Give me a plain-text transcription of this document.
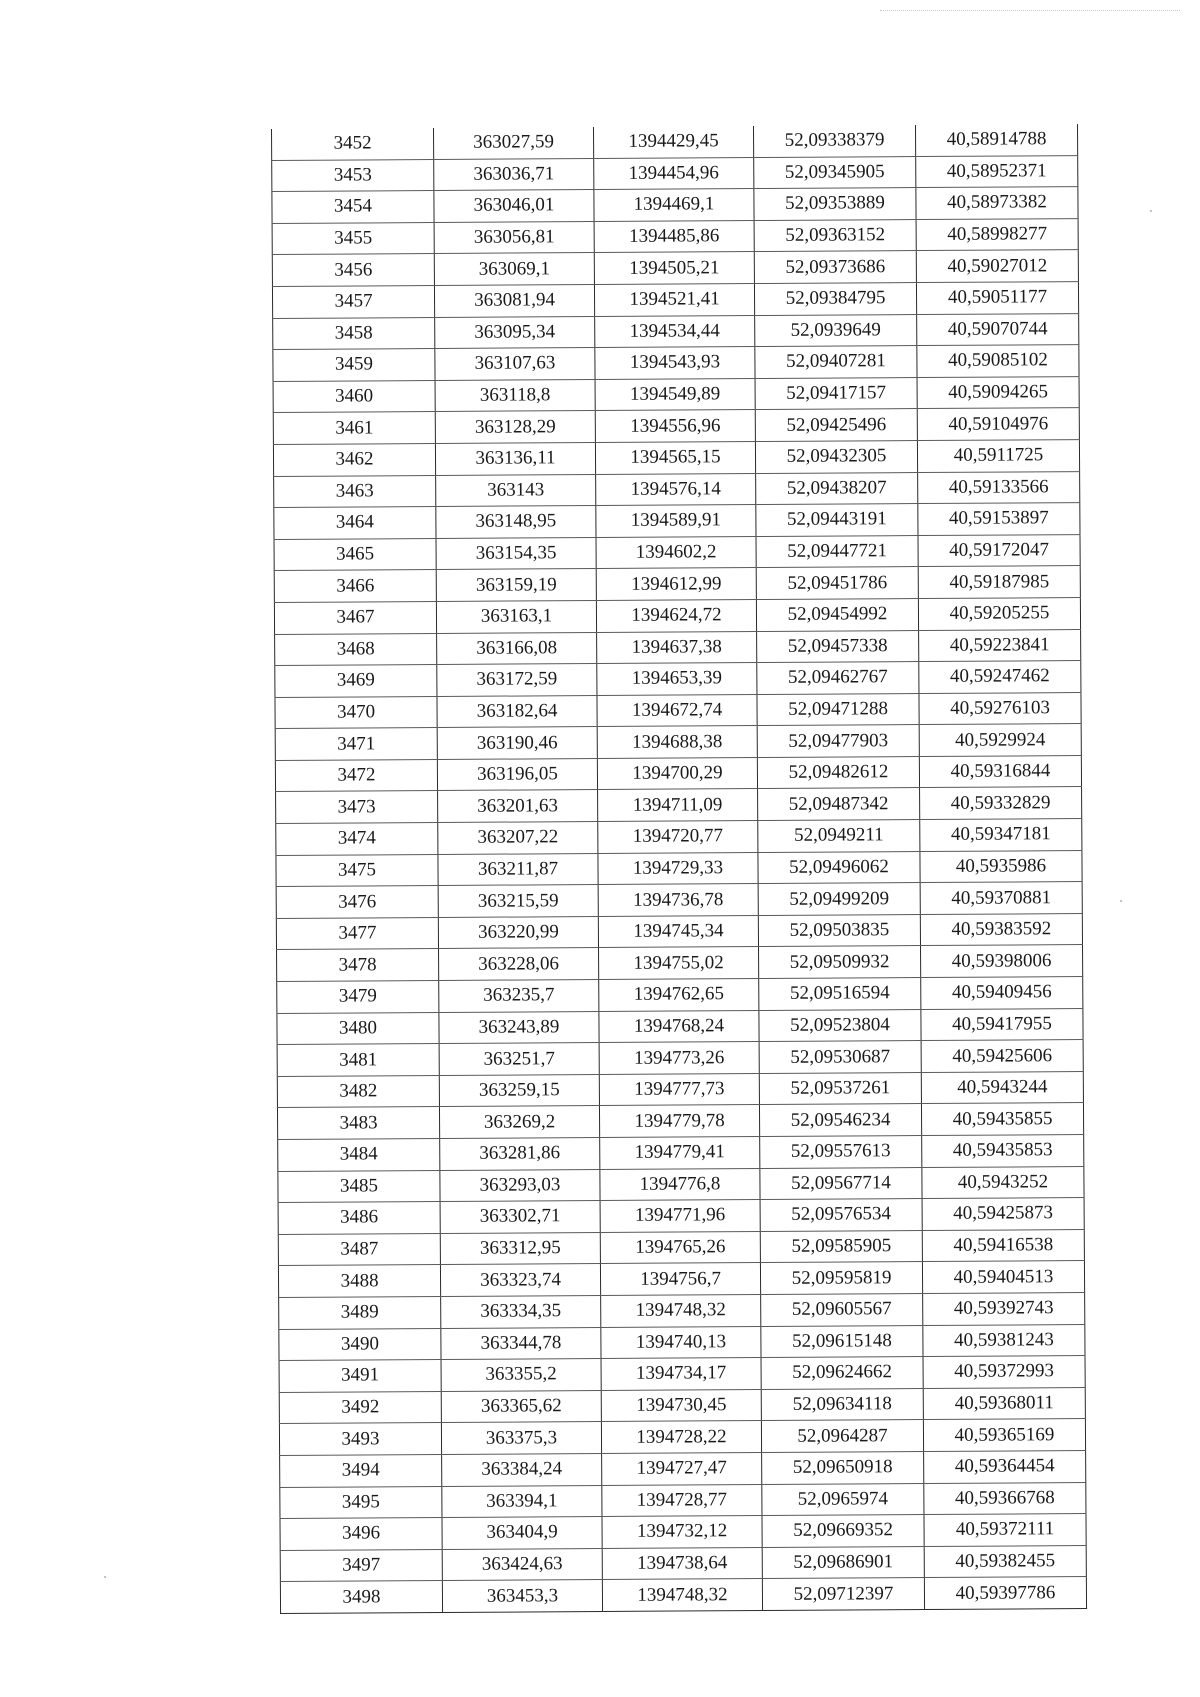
3452	363027,59	1394429,45	52,09338379	40,58914788
3453	363036,71	1394454,96	52,09345905	40,58952371
3454	363046,01	1394469,1	52,09353889	40,58973382
3455	363056,81	1394485,86	52,09363152	40,58998277
3456	363069,1	1394505,21	52,09373686	40,59027012
3457	363081,94	1394521,41	52,09384795	40,59051177
3458	363095,34	1394534,44	52,0939649	40,59070744
3459	363107,63	1394543,93	52,09407281	40,59085102
3460	363118,8	1394549,89	52,09417157	40,59094265
3461	363128,29	1394556,96	52,09425496	40,59104976
3462	363136,11	1394565,15	52,09432305	40,5911725
3463	363143	1394576,14	52,09438207	40,59133566
3464	363148,95	1394589,91	52,09443191	40,59153897
3465	363154,35	1394602,2	52,09447721	40,59172047
3466	363159,19	1394612,99	52,09451786	40,59187985
3467	363163,1	1394624,72	52,09454992	40,59205255
3468	363166,08	1394637,38	52,09457338	40,59223841
3469	363172,59	1394653,39	52,09462767	40,59247462
3470	363182,64	1394672,74	52,09471288	40,59276103
3471	363190,46	1394688,38	52,09477903	40,5929924
3472	363196,05	1394700,29	52,09482612	40,59316844
3473	363201,63	1394711,09	52,09487342	40,59332829
3474	363207,22	1394720,77	52,0949211	40,59347181
3475	363211,87	1394729,33	52,09496062	40,5935986
3476	363215,59	1394736,78	52,09499209	40,59370881
3477	363220,99	1394745,34	52,09503835	40,59383592
3478	363228,06	1394755,02	52,09509932	40,59398006
3479	363235,7	1394762,65	52,09516594	40,59409456
3480	363243,89	1394768,24	52,09523804	40,59417955
3481	363251,7	1394773,26	52,09530687	40,59425606
3482	363259,15	1394777,73	52,09537261	40,5943244
3483	363269,2	1394779,78	52,09546234	40,59435855
3484	363281,86	1394779,41	52,09557613	40,59435853
3485	363293,03	1394776,8	52,09567714	40,5943252
3486	363302,71	1394771,96	52,09576534	40,59425873
3487	363312,95	1394765,26	52,09585905	40,59416538
3488	363323,74	1394756,7	52,09595819	40,59404513
3489	363334,35	1394748,32	52,09605567	40,59392743
3490	363344,78	1394740,13	52,09615148	40,59381243
3491	363355,2	1394734,17	52,09624662	40,59372993
3492	363365,62	1394730,45	52,09634118	40,59368011
3493	363375,3	1394728,22	52,0964287	40,59365169
3494	363384,24	1394727,47	52,09650918	40,59364454
3495	363394,1	1394728,77	52,0965974	40,59366768
3496	363404,9	1394732,12	52,09669352	40,59372111
3497	363424,63	1394738,64	52,09686901	40,59382455
3498	363453,3	1394748,32	52,09712397	40,59397786
